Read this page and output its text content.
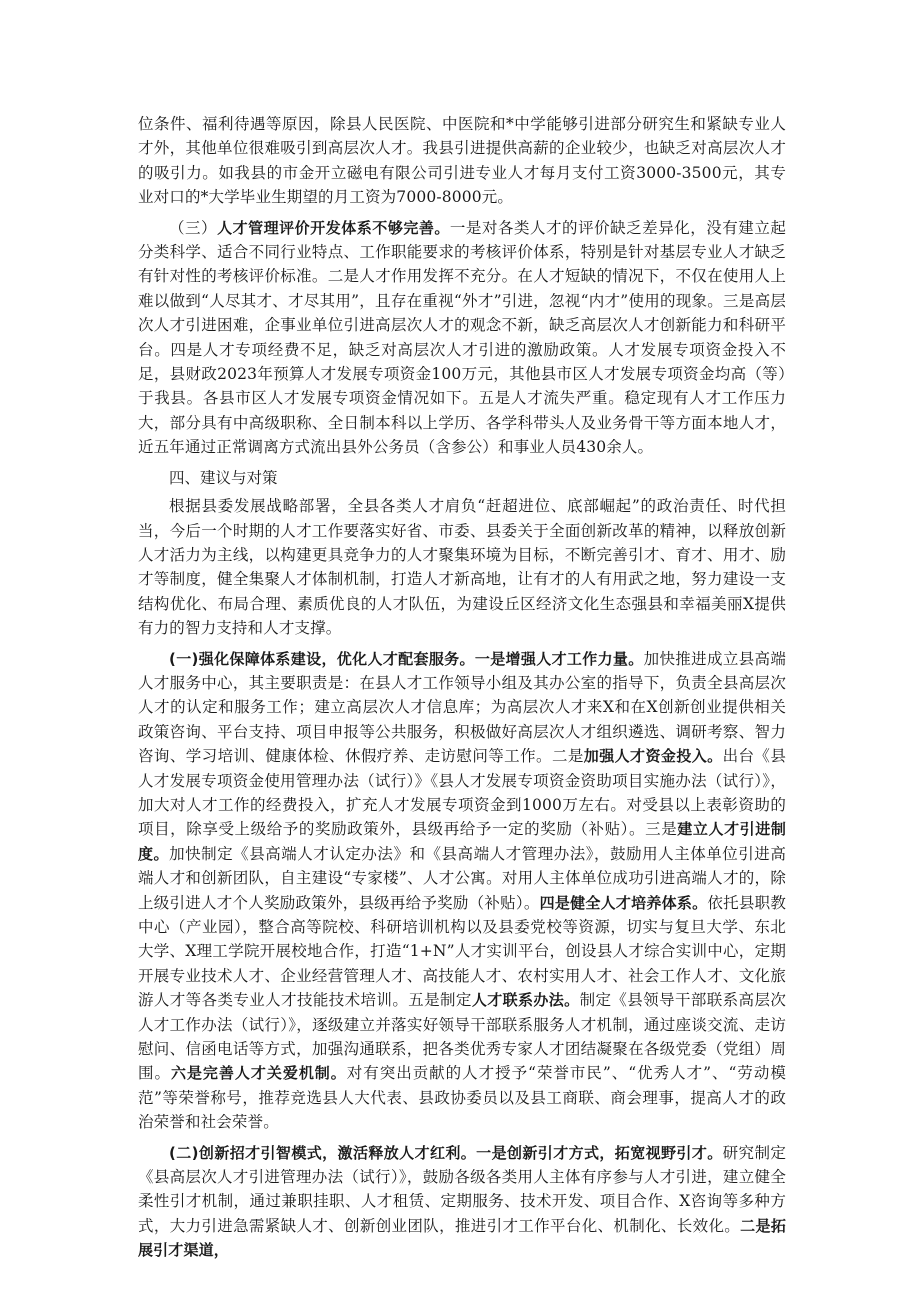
位条件、福利待遇等原因，除县人民医院、中医院和*中学能够引进部分研究生和紧缺专业人才外，其他单位很难吸引到高层次人才。我县引进提供高薪的企业较少，也缺乏对高层次人才的吸引力。如我县的市金开立磁电有限公司引进专业人才每月支付工资3000-3500元，其专业对口的*大学毕业生期望的月工资为7000-8000元。

（三）人才管理评价开发体系不够完善。一是对各类人才的评价缺乏差异化，没有建立起分类科学、适合不同行业特点、工作职能要求的考核评价体系，特别是针对基层专业人才缺乏有针对性的考核评价标准。二是人才作用发挥不充分。在人才短缺的情况下，不仅在使用人上难以做到“人尽其才、才尽其用”，且存在重视“外才”引进，忽视“内才”使用的现象。三是高层次人才引进困难，企事业单位引进高层次人才的观念不新，缺乏高层次人才创新能力和科研平台。四是人才专项经费不足，缺乏对高层次人才引进的激励政策。人才发展专项资金投入不足，县财政2023年预算人才发展专项资金100万元，其他县市区人才发展专项资金均高（等）于我县。各县市区人才发展专项资金情况如下。五是人才流失严重。稳定现有人才工作压力大，部分具有中高级职称、全日制本科以上学历、各学科带头人及业务骨干等方面本地人才，近五年通过正常调离方式流出县外公务员（含参公）和事业人员430余人。

四、建议与对策

根据县委发展战略部署，全县各类人才肩负“赶超进位、底部崛起”的政治责任、时代担当，今后一个时期的人才工作要落实好省、市委、县委关于全面创新改革的精神，以释放创新人才活力为主线，以构建更具竞争力的人才聚集环境为目标，不断完善引才、育才、用才、励才等制度，健全集聚人才体制机制，打造人才新高地，让有才的人有用武之地，努力建设一支结构优化、布局合理、素质优良的人才队伍，为建设丘区经济文化生态强县和幸福美丽X提供有力的智力支持和人才支撑。

(一)强化保障体系建设，优化人才配套服务。一是增强人才工作力量。加快推进成立县高端人才服务中心，其主要职责是：在县人才工作领导小组及其办公室的指导下，负责全县高层次人才的认定和服务工作；建立高层次人才信息库；为高层次人才来X和在X创新创业提供相关政策咨询、平台支持、项目申报等公共服务，积极做好高层次人才组织遴选、调研考察、智力咨询、学习培训、健康体检、休假疗养、走访慰问等工作。二是加强人才资金投入。出台《县人才发展专项资金使用管理办法（试行）》《县人才发展专项资金资助项目实施办法（试行）》，加大对人才工作的经费投入，扩充人才发展专项资金到1000万左右。对受县以上表彰资助的项目，除享受上级给予的奖励政策外，县级再给予一定的奖励（补贴）。三是建立人才引进制度。加快制定《县高端人才认定办法》和《县高端人才管理办法》，鼓励用人主体单位引进高端人才和创新团队，自主建设“专家楼”、人才公寓。对用人主体单位成功引进高端人才的，除上级引进人才个人奖励政策外，县级再给予奖励（补贴）。四是健全人才培养体系。依托县职教中心（产业园），整合高等院校、科研培训机构以及县委党校等资源，切实与复旦大学、东北大学、X理工学院开展校地合作，打造“1+N”人才实训平台，创设县人才综合实训中心，定期开展专业技术人才、企业经营管理人才、高技能人才、农村实用人才、社会工作人才、文化旅游人才等各类专业人才技能技术培训。五是制定人才联系办法。制定《县领导干部联系高层次人才工作办法（试行）》，逐级建立并落实好领导干部联系服务人才机制，通过座谈交流、走访慰问、信函电话等方式，加强沟通联系，把各类优秀专家人才团结凝聚在各级党委（党组）周围。六是完善人才关爱机制。对有突出贡献的人才授予“荣誉市民”、“优秀人才”、“劳动模范”等荣誉称号，推荐竞选县人大代表、县政协委员以及县工商联、商会理事，提高人才的政治荣誉和社会荣誉。

(二)创新招才引智模式，激活释放人才红利。一是创新引才方式，拓宽视野引才。研究制定《县高层次人才引进管理办法（试行）》，鼓励各级各类用人主体有序参与人才引进，建立健全柔性引才机制，通过兼职挂职、人才租赁、定期服务、技术开发、项目合作、X咨询等多种方式，大力引进急需紧缺人才、创新创业团队，推进引才工作平台化、机制化、长效化。二是拓展引才渠道，
